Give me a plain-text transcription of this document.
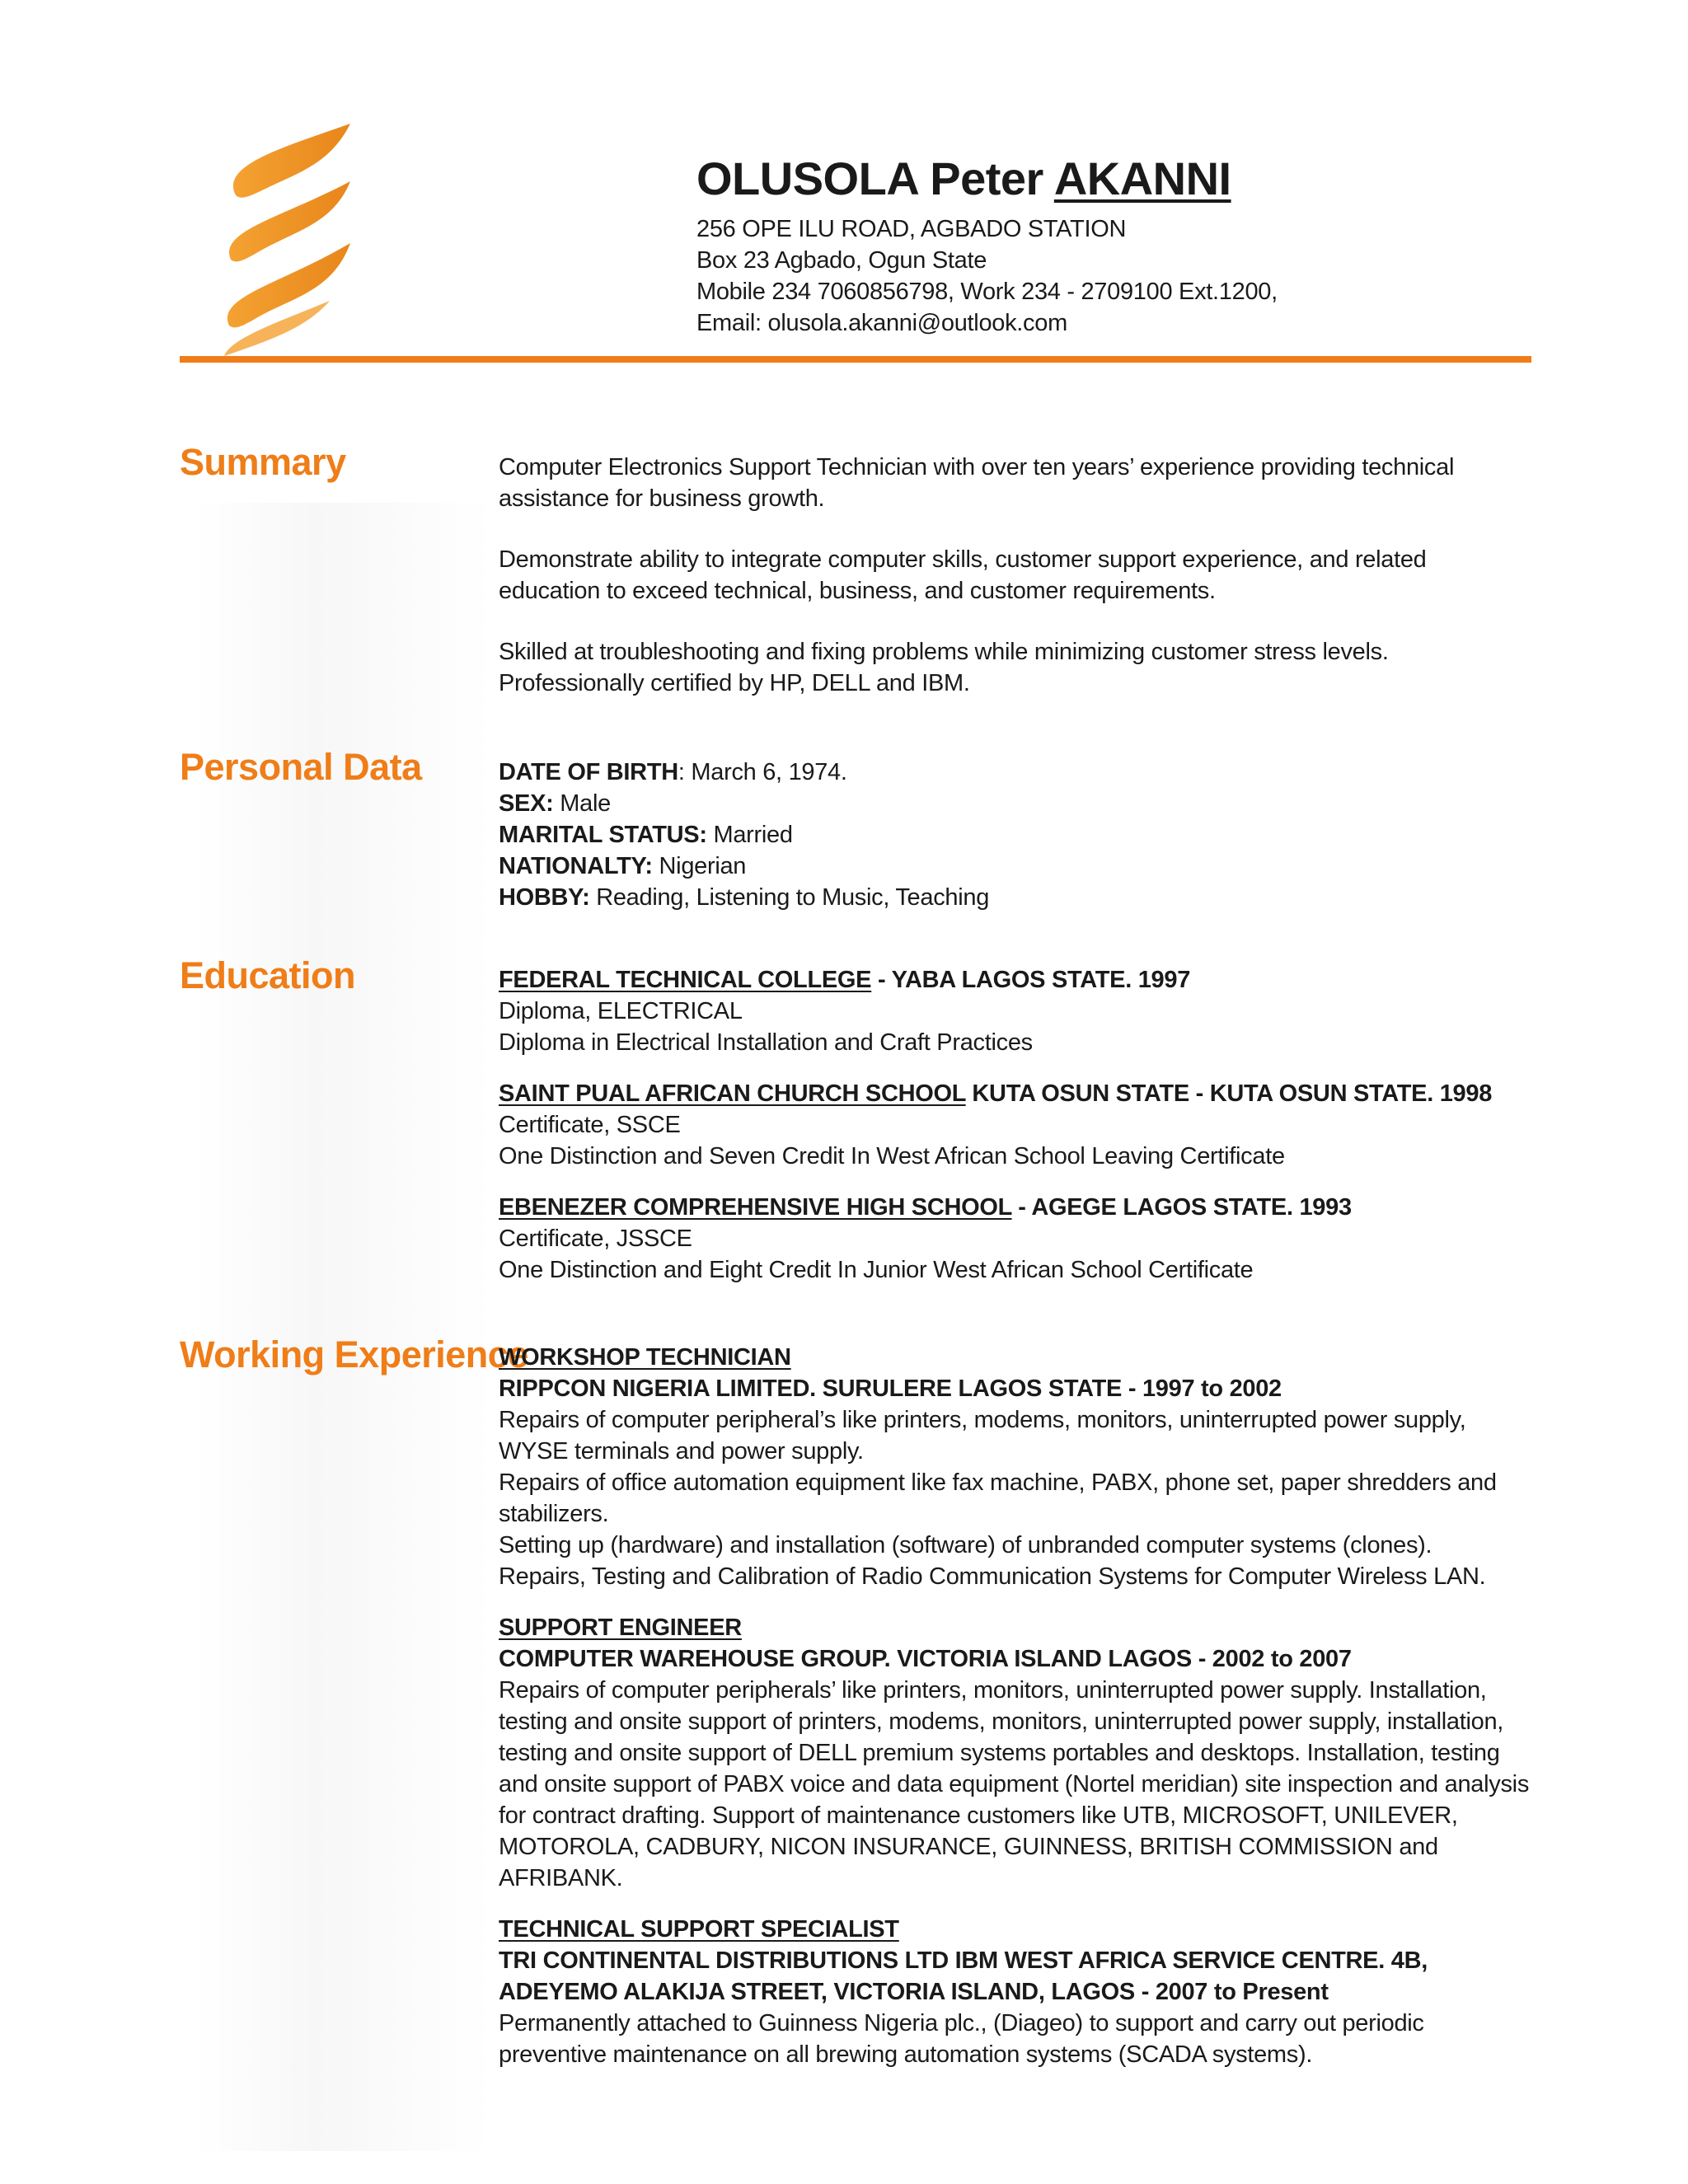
OLUSOLA Peter AKANNI
256 OPE ILU ROAD, AGBADO STATION
Box 23 Agbado, Ogun State
Mobile 234 7060856798, Work 234 - 2709100 Ext.1200,
Email: olusola.akanni@outlook.com
Summary	Computer Electronics Support Technician with over ten years’ experience providing technical assistance for business growth.

Demonstrate ability to integrate computer skills, customer support experience, and related education to exceed technical, business, and customer requirements.

Skilled at troubleshooting and fixing problems while minimizing customer stress levels.

Professionally certified by HP, DELL and IBM.

Personal Data	DATE OF BIRTH: March 6, 1974.

SEX: Male

MARITAL STATUS: Married

NATIONALTY: Nigerian

HOBBY: Reading, Listening to Music, Teaching

Education	FEDERAL TECHNICAL COLLEGE - YABA LAGOS STATE. 1997

Diploma, ELECTRICAL

Diploma in Electrical Installation and Craft Practices

SAINT PUAL AFRICAN CHURCH SCHOOL KUTA OSUN STATE - KUTA OSUN STATE. 1998

Certificate, SSCE

One Distinction and Seven Credit In West African School Leaving Certificate

EBENEZER COMPREHENSIVE HIGH SCHOOL - AGEGE LAGOS STATE. 1993

Certificate, JSSCE

One Distinction and Eight Credit In Junior West African School Certificate

Working Experience

WORKSHOP TECHNICIAN

RIPPCON NIGERIA LIMITED. SURULERE LAGOS STATE - 1997 to 2002

Repairs of computer peripheral’s like printers, modems, monitors, uninterrupted power supply, WYSE terminals and power supply.

Repairs of office automation equipment like fax machine, PABX, phone set, paper shredders and stabilizers.

Setting up (hardware) and installation (software) of unbranded computer systems (clones).

Repairs, Testing and Calibration of Radio Communication Systems for Computer Wireless LAN.

SUPPORT ENGINEER

COMPUTER WAREHOUSE GROUP. VICTORIA ISLAND LAGOS - 2002 to 2007

Repairs of computer peripherals’ like printers, monitors, uninterrupted power supply. Installation, testing and onsite support of printers, modems, monitors, uninterrupted power supply, installation, testing and onsite support of DELL premium systems portables and desktops. Installation, testing and onsite support of PABX voice and data equipment (Nortel meridian) site inspection and analysis for contract drafting. Support of maintenance customers like UTB, MICROSOFT, UNILEVER, MOTOROLA, CADBURY, NICON INSURANCE, GUINNESS, BRITISH COMMISSION and AFRIBANK.

TECHNICAL SUPPORT SPECIALIST

TRI CONTINENTAL DISTRIBUTIONS LTD IBM WEST AFRICA SERVICE CENTRE. 4B, ADEYEMO ALAKIJA STREET, VICTORIA ISLAND, LAGOS - 2007 to Present

Permanently attached to Guinness Nigeria plc., (Diageo) to support and carry out periodic preventive maintenance on all brewing automation systems (SCADA systems).
